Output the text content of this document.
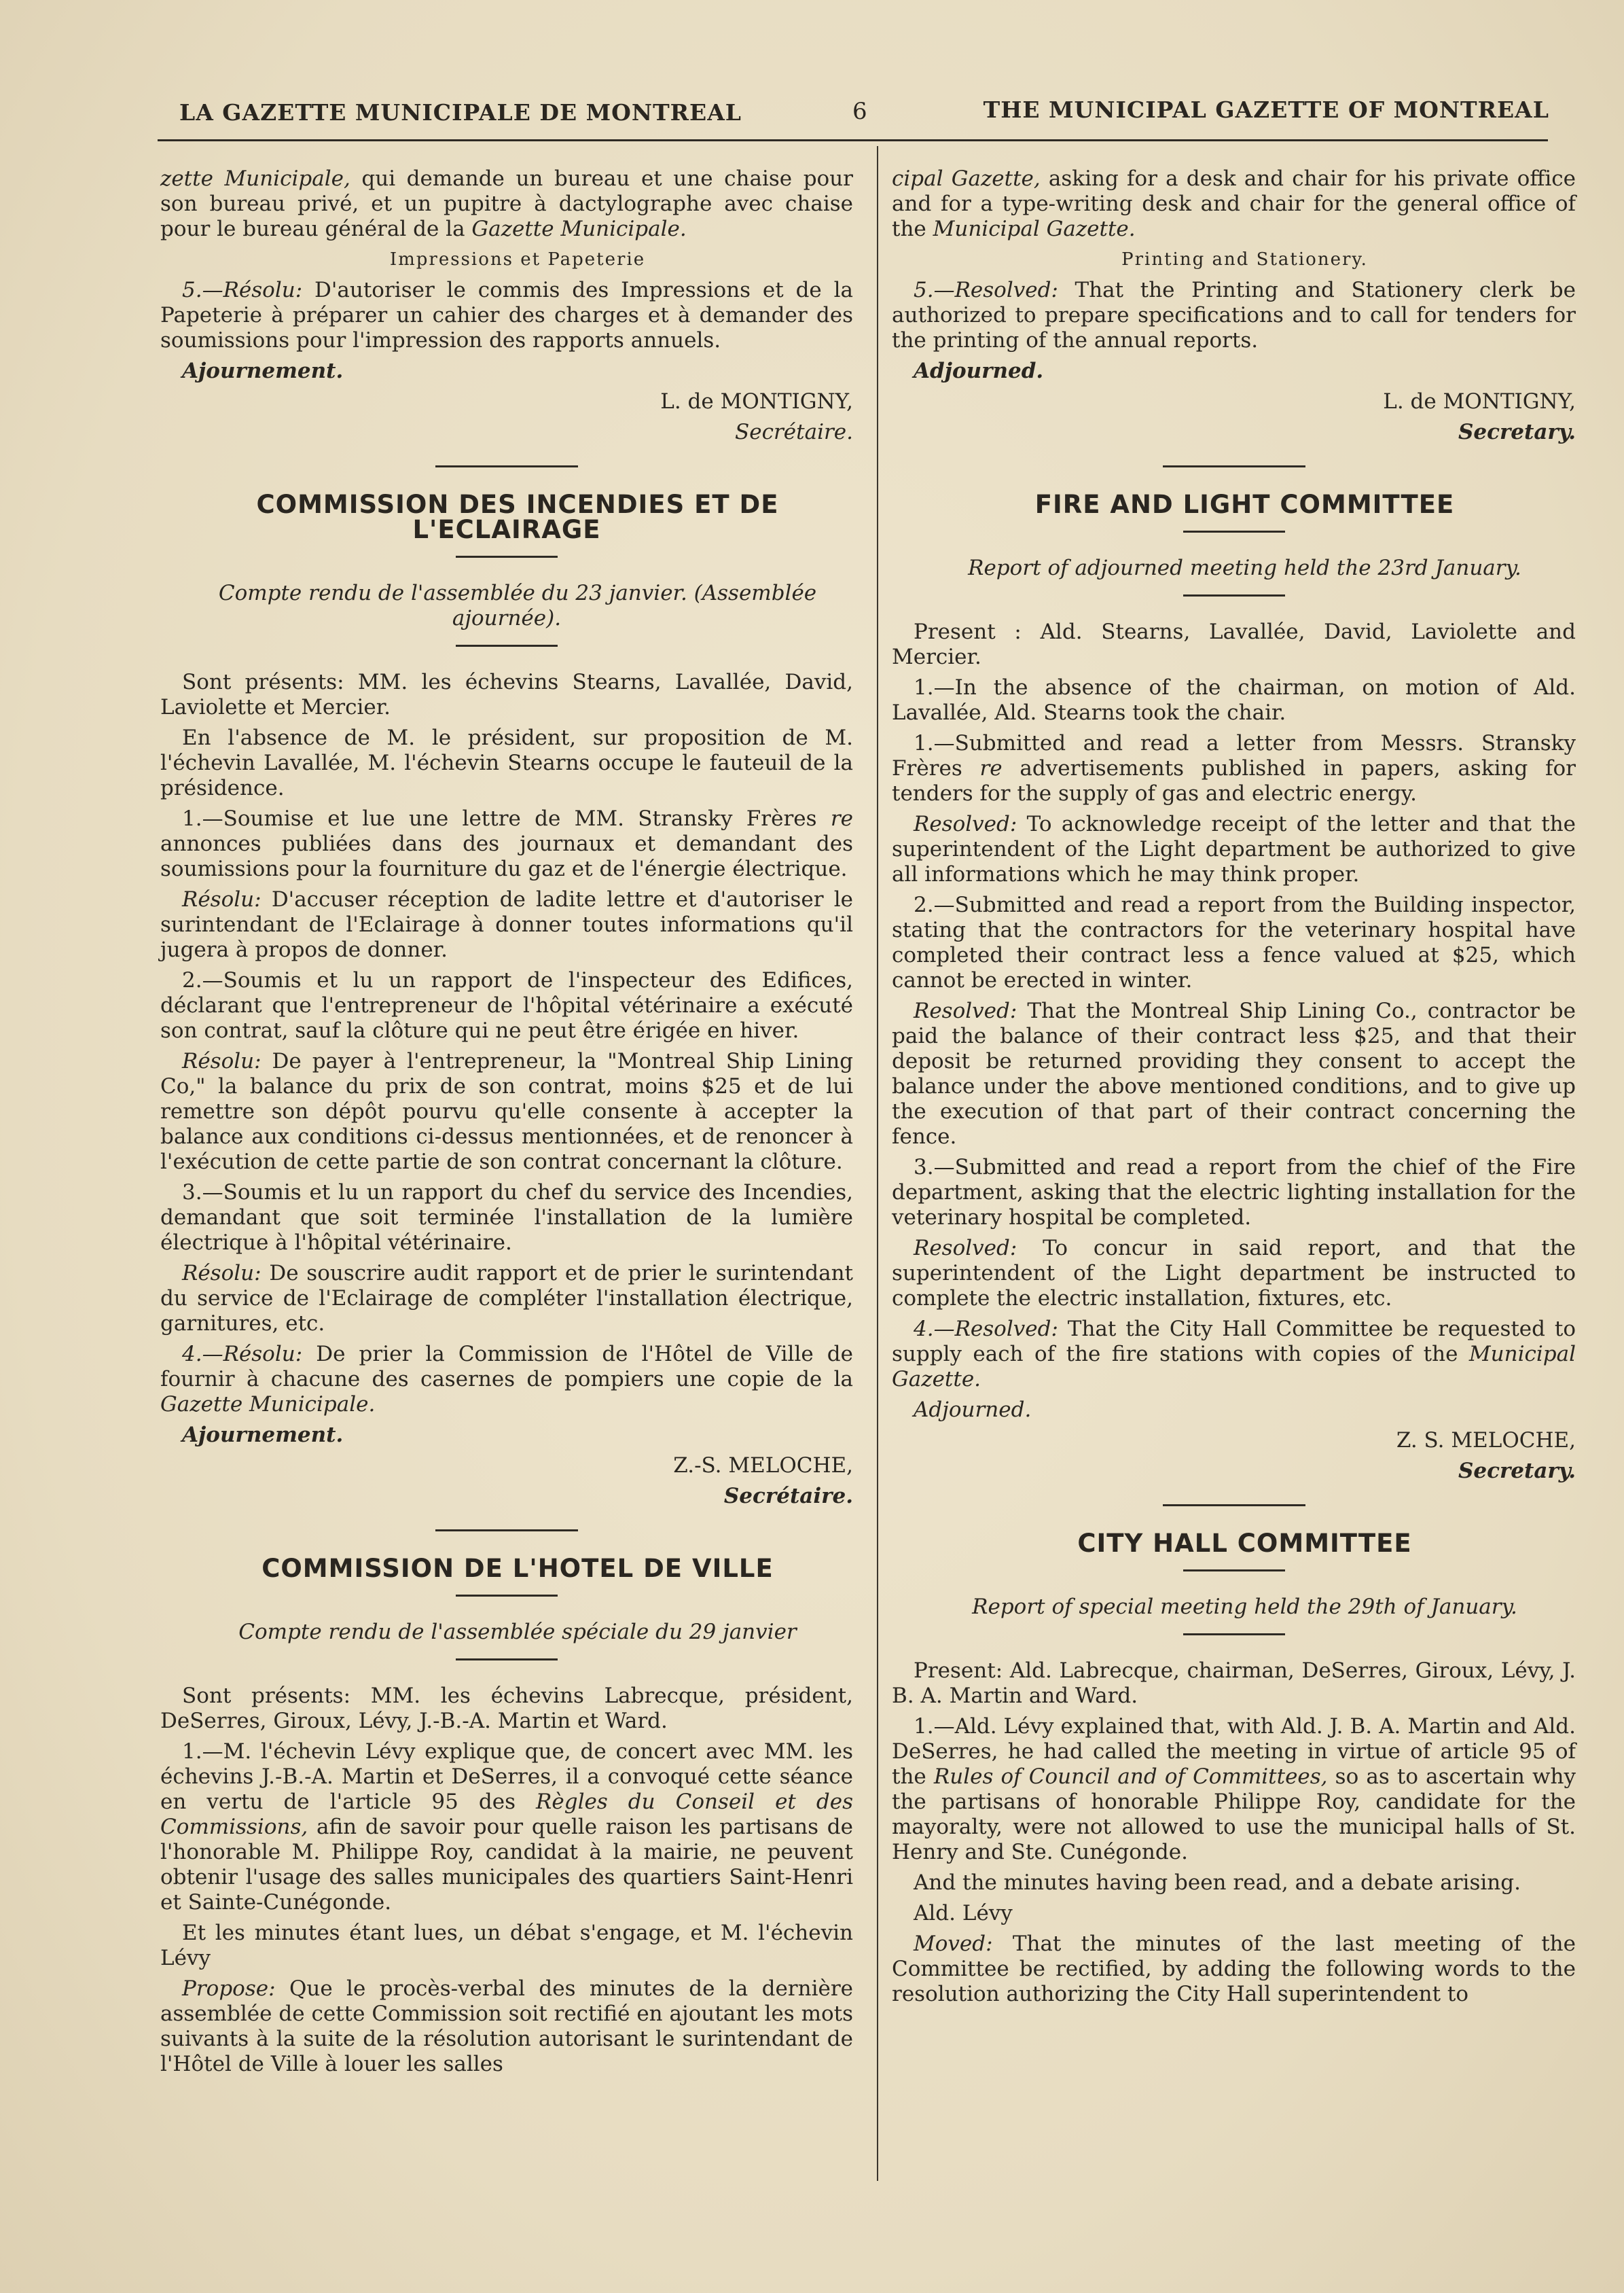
LA GAZETTE MUNICIPALE DE MONTREAL	6	THE MUNICIPAL GAZETTE OF MONTREAL

zette Municipale, qui demande un bureau et une chaise pour son bureau privé, et un pupitre à dactylographe avec chaise pour le bureau général de la Gazette Municipale.

Impressions et Papeterie

5.—Résolu: D'autoriser le commis des Impressions et de la Papeterie à préparer un cahier des charges et à demander des soumissions pour l'impression des rapports annuels.

Ajournement.

L. de MONTIGNY,

Secrétaire.

COMMISSION DES INCENDIES ET DE L'ECLAIRAGE

Compte rendu de l'assemblée du 23 janvier. (Assemblée ajournée).

Sont présents: MM. les échevins Stearns, Lavallée, David, Laviolette et Mercier.

En l'absence de M. le président, sur proposition de M. l'échevin Lavallée, M. l'échevin Stearns occupe le fauteuil de la présidence.

1.—Soumise et lue une lettre de MM. Stransky Frères re annonces publiées dans des journaux et demandant des soumissions pour la fourniture du gaz et de l'énergie électrique.

Résolu: D'accuser réception de ladite lettre et d'autoriser le surintendant de l'Eclairage à donner toutes informations qu'il jugera à propos de donner.

2.—Soumis et lu un rapport de l'inspecteur des Edifices, déclarant que l'entrepreneur de l'hôpital vétérinaire a exécuté son contrat, sauf la clôture qui ne peut être érigée en hiver.

Résolu: De payer à l'entrepreneur, la "Montreal Ship Lining Co," la balance du prix de son contrat, moins $25 et de lui remettre son dépôt pourvu qu'elle consente à accepter la balance aux conditions ci-dessus mentionnées, et de renoncer à l'exécution de cette partie de son contrat concernant la clôture.

3.—Soumis et lu un rapport du chef du service des Incendies, demandant que soit terminée l'installation de la lumière électrique à l'hôpital vétérinaire.

Résolu: De souscrire audit rapport et de prier le surintendant du service de l'Eclairage de compléter l'installation électrique, garnitures, etc.

4.—Résolu: De prier la Commission de l'Hôtel de Ville de fournir à chacune des casernes de pompiers une copie de la Gazette Municipale.

Ajournement.

Z.-S. MELOCHE,

Secrétaire.

COMMISSION DE L'HOTEL DE VILLE

Compte rendu de l'assemblée spéciale du 29 janvier

Sont présents: MM. les échevins Labrecque, président, DeSerres, Giroux, Lévy, J.-B.-A. Martin et Ward.

1.—M. l'échevin Lévy explique que, de concert avec MM. les échevins J.-B.-A. Martin et DeSerres, il a convoqué cette séance en vertu de l'article 95 des Règles du Conseil et des Commissions, afin de savoir pour quelle raison les partisans de l'honorable M. Philippe Roy, candidat à la mairie, ne peuvent obtenir l'usage des salles municipales des quartiers Saint-Henri et Sainte-Cunégonde.

Et les minutes étant lues, un débat s'engage, et M. l'échevin Lévy

Propose: Que le procès-verbal des minutes de la dernière assemblée de cette Commission soit rectifié en ajoutant les mots suivants à la suite de la résolution autorisant le surintendant de l'Hôtel de Ville à louer les salles

cipal Gazette, asking for a desk and chair for his private office and for a type-writing desk and chair for the general office of the Municipal Gazette.

Printing and Stationery.

5.—Resolved: That the Printing and Stationery clerk be authorized to prepare specifications and to call for tenders for the printing of the annual reports.

Adjourned.

L. de MONTIGNY,

Secretary.

FIRE AND LIGHT COMMITTEE

Report of adjourned meeting held the 23rd January.

Present : Ald. Stearns, Lavallée, David, Laviolette and Mercier.

1.—In the absence of the chairman, on motion of Ald. Lavallée, Ald. Stearns took the chair.

1.—Submitted and read a letter from Messrs. Stransky Frères re advertisements published in papers, asking for tenders for the supply of gas and electric energy.

Resolved: To acknowledge receipt of the letter and that the superintendent of the Light department be authorized to give all informations which he may think proper.

2.—Submitted and read a report from the Building inspector, stating that the contractors for the veterinary hospital have completed their contract less a fence valued at $25, which cannot be erected in winter.

Resolved: That the Montreal Ship Lining Co., contractor be paid the balance of their contract less $25, and that their deposit be returned providing they consent to accept the balance under the above mentioned conditions, and to give up the execution of that part of their contract concerning the fence.

3.—Submitted and read a report from the chief of the Fire department, asking that the electric lighting installation for the veterinary hospital be completed.

Resolved: To concur in said report, and that the superintendent of the Light department be instructed to complete the electric installation, fixtures, etc.

4.—Resolved: That the City Hall Committee be requested to supply each of the fire stations with copies of the Municipal Gazette.

Adjourned.

Z. S. MELOCHE,

Secretary.

CITY HALL COMMITTEE

Report of special meeting held the 29th of January.

Present: Ald. Labrecque, chairman, DeSerres, Giroux, Lévy, J. B. A. Martin and Ward.

1.—Ald. Lévy explained that, with Ald. J. B. A. Martin and Ald. DeSerres, he had called the meeting in virtue of article 95 of the Rules of Council and of Committees, so as to ascertain why the partisans of honorable Philippe Roy, candidate for the mayoralty, were not allowed to use the municipal halls of St. Henry and Ste. Cunégonde.

And the minutes having been read, and a debate arising.

Ald. Lévy

Moved: That the minutes of the last meeting of the Committee be rectified, by adding the following words to the resolution authorizing the City Hall superintendent to
